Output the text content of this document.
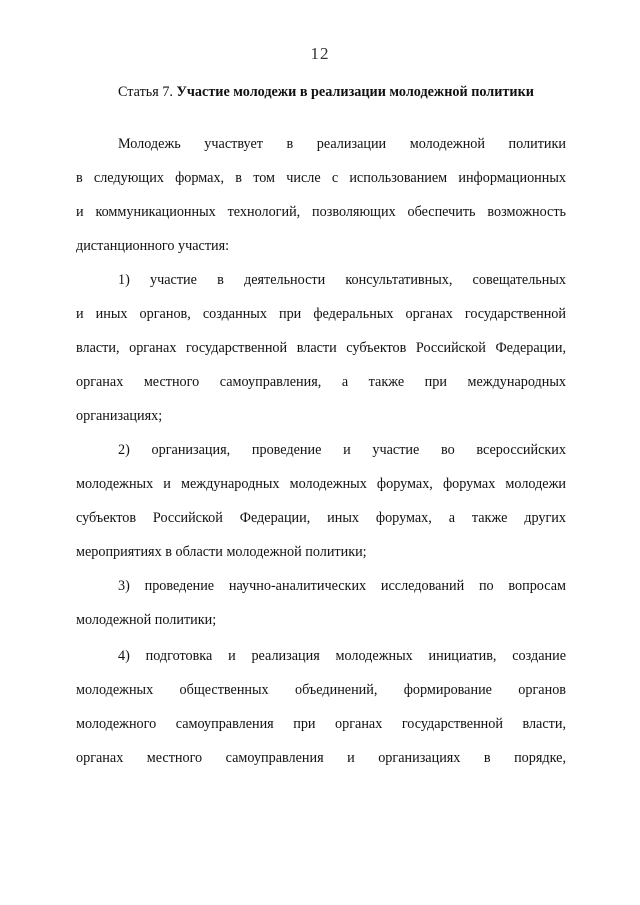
12
Статья 7. Участие молодежи в реализации молодежной политики
Молодежь участвует в реализации молодежной политики
в следующих формах, в том числе с использованием информационных
и коммуникационных технологий, позволяющих обеспечить возможность
дистанционного участия:
1) участие в деятельности консультативных, совещательных
и иных органов, созданных при федеральных органах государственной
власти, органах государственной власти субъектов Российской Федерации,
органах местного самоуправления, а также при международных
организациях;
2) организация, проведение и участие во всероссийских
молодежных и международных молодежных форумах, форумах молодежи
субъектов Российской Федерации, иных форумах, а также других
мероприятиях в области молодежной политики;
3) проведение научно-аналитических исследований по вопросам
молодежной политики;
4) подготовка и реализация молодежных инициатив, создание
молодежных общественных объединений, формирование органов
молодежного самоуправления при органах государственной власти,
органах местного самоуправления и организациях в порядке,
